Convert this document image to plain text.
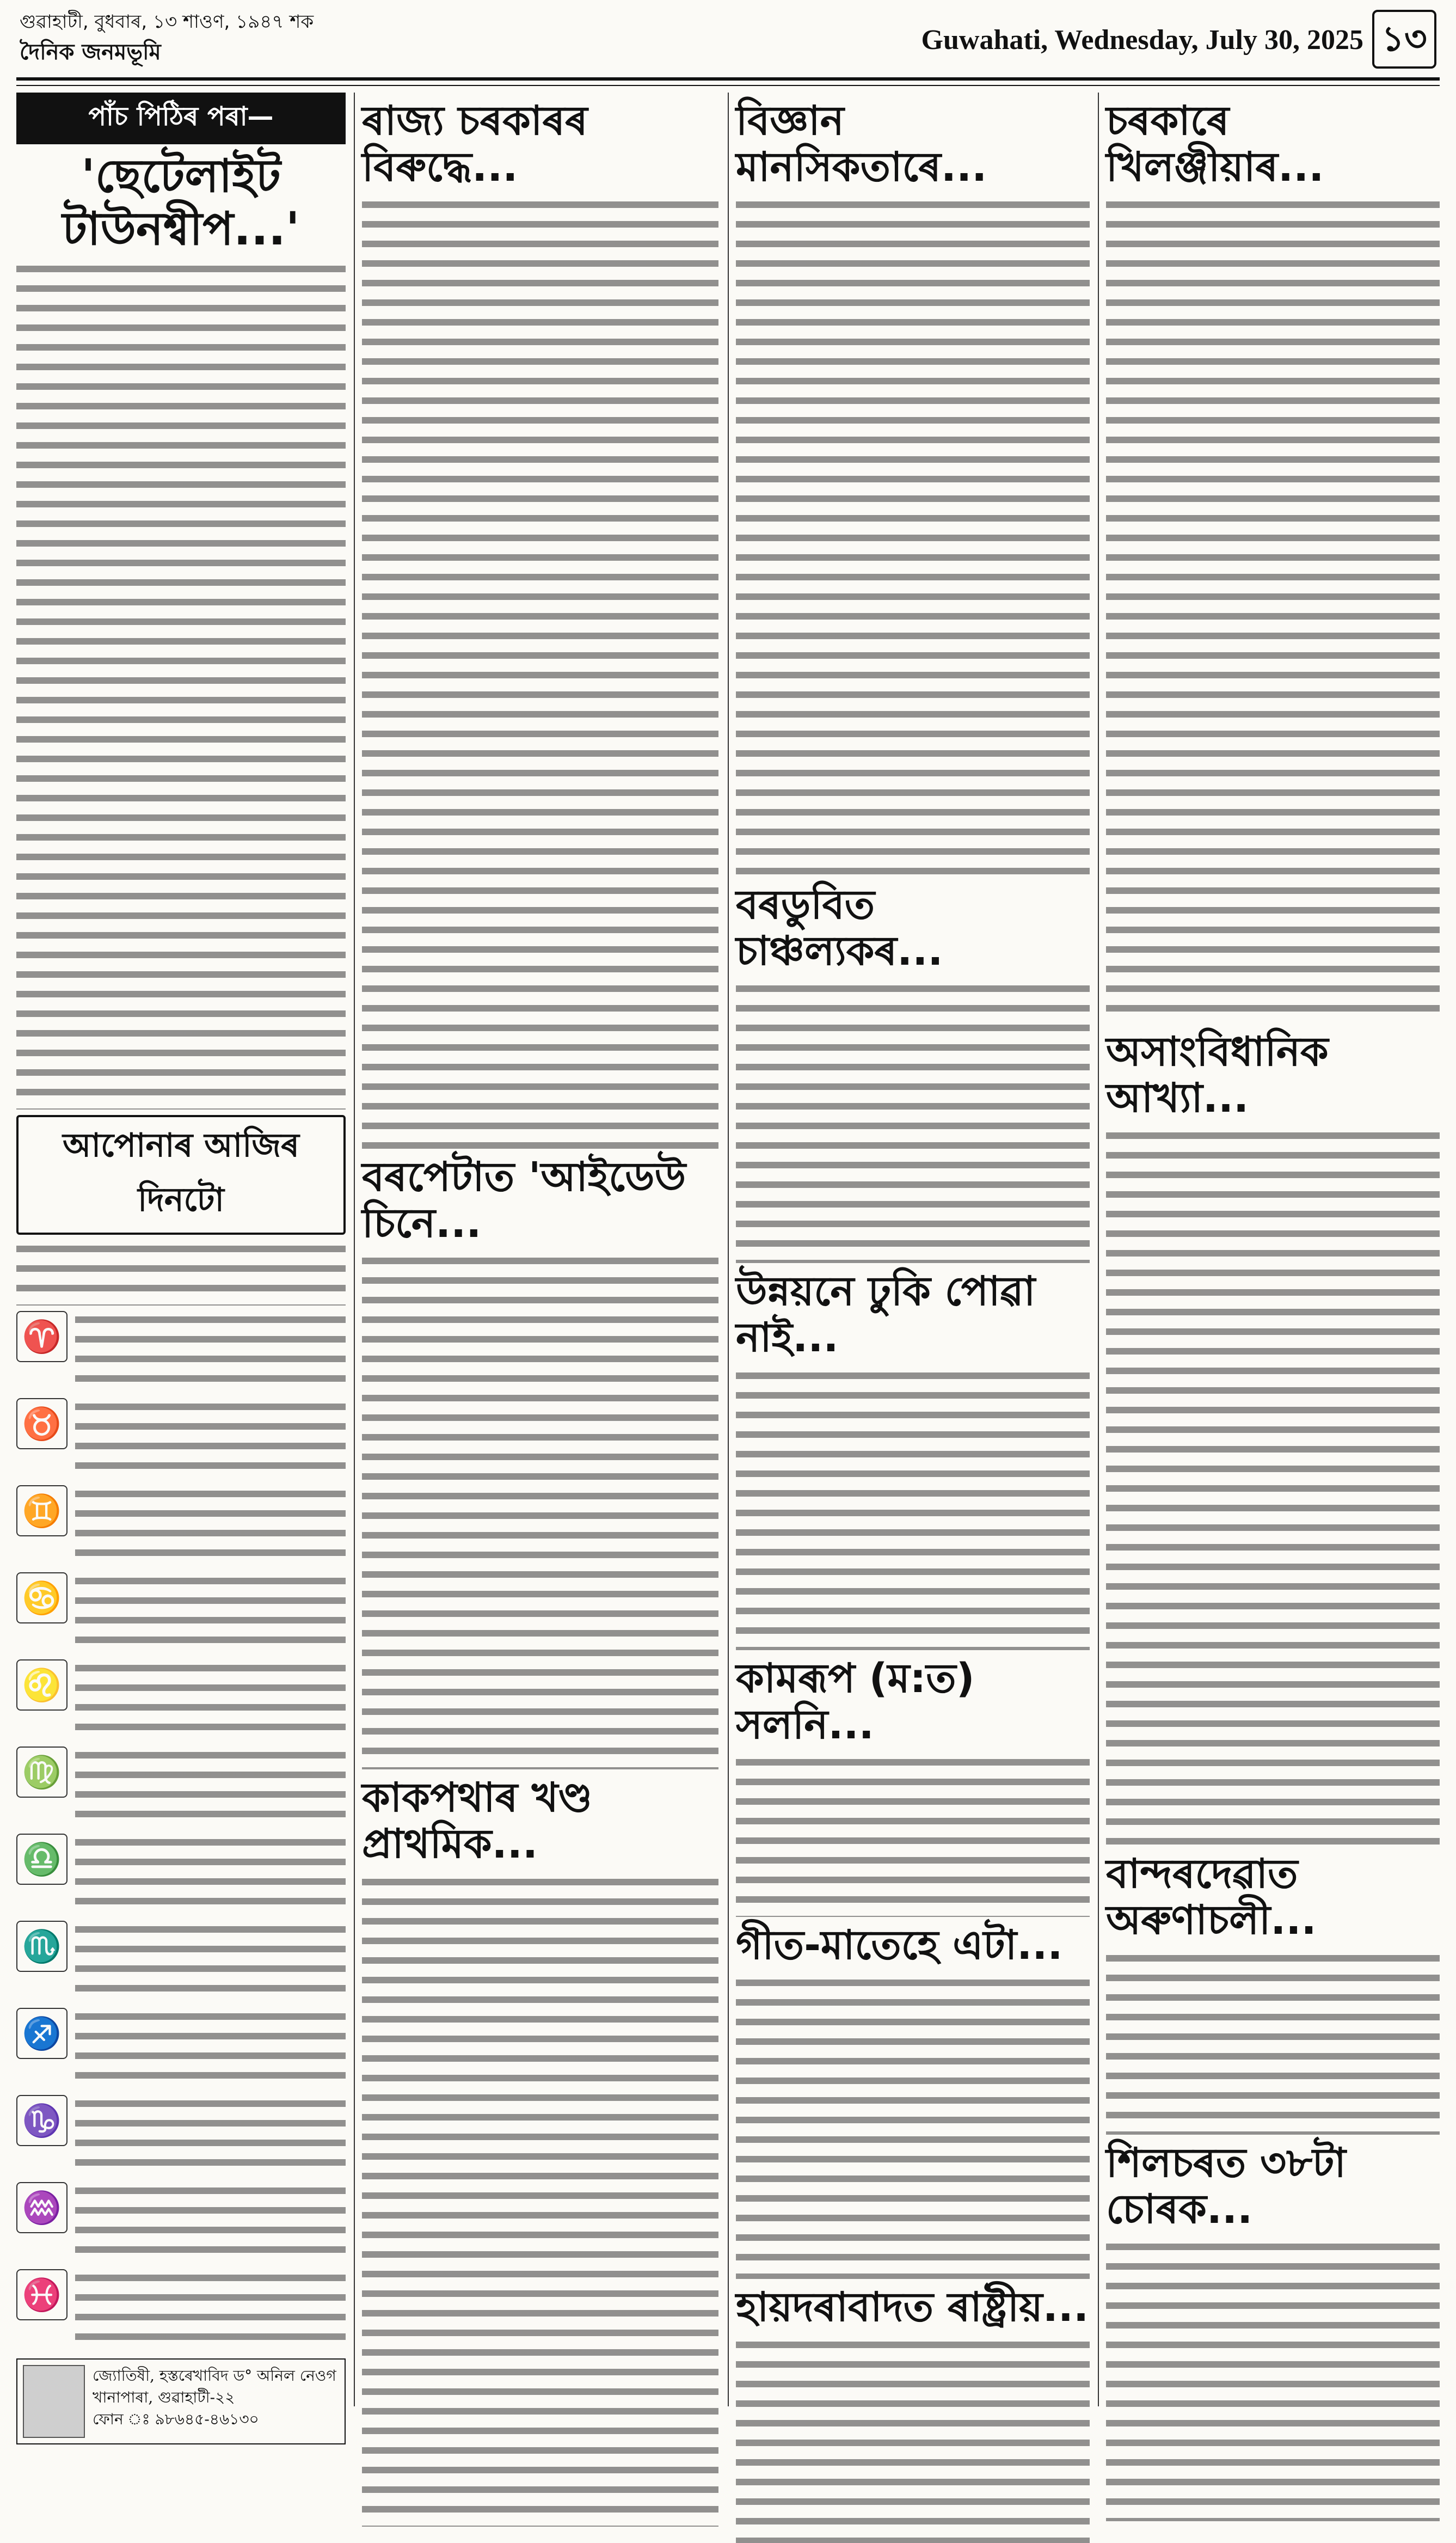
গুৱাহাটী, বুধবাৰ, ১৩ শাওণ, ১৯৪৭ শক
দৈনিক জনমভূমি	Guwahati, Wednesday, July 30, 2025 ১৩
পাঁচ পিঠিৰ পৰা—
'ছেটেলাইট টাউনশ্বীপ...'
আপোনাৰ আজিৰ দিনটো
♈
♉
♊
♋
♌
♍
♎
♏
♐
♑
♒
♓
জ্যোতিষী, হস্তৰেখাবিদ ড° অনিল নেওগ
খানাপাৰা, গুৱাহাটী-২২
ফোন ঃ ৯৮৬৪৫-৪৬১৩০
ৰাজ্য চৰকাৰৰ বিৰুদ্ধে...
বৰপেটাত 'আইডেউ চিনে...
কাকপথাৰ খণ্ড প্ৰাথমিক...
বিজ্ঞান মানসিকতাৰে...
বৰডুবিত চাঞ্চল্যকৰ...
উন্নয়নে ঢুকি পোৱা নাই...
কামৰূপ (ম:ত) সলনি...
গীত-মাতেহে এটা...
হায়দৰাবাদত ৰাষ্ট্ৰীয়...
চৰকাৰে খিলঞ্জীয়াৰ...
অসাংবিধানিক আখ্যা...
বান্দৰদেৱাত অৰুণাচলী...
শিলচৰত ৩৮টা চোৰক...
